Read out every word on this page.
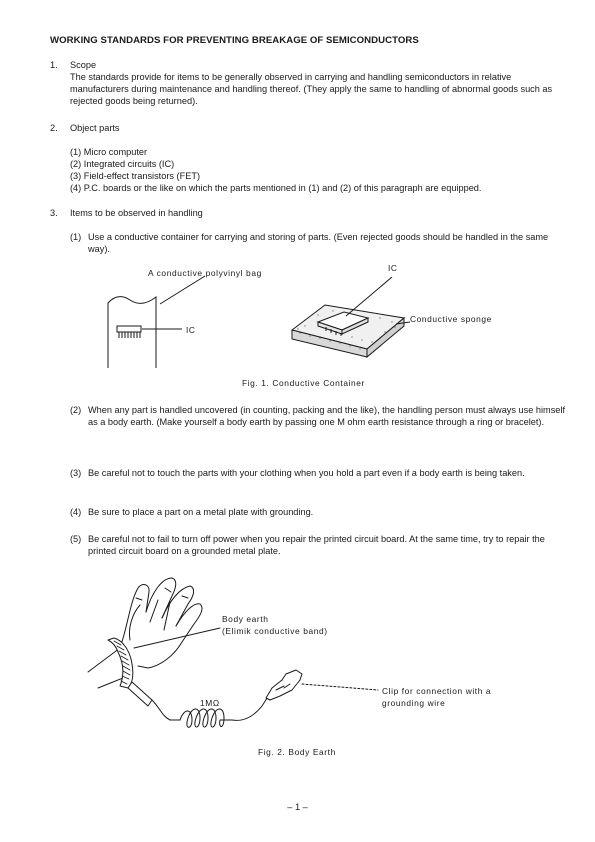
WORKING STANDARDS FOR PREVENTING BREAKAGE OF SEMICONDUCTORS
1.	Scope
The standards provide for items to be generally observed in carrying and handling semiconductors in relative manufacturers during maintenance and handling thereof. (They apply the same to handling of abnormal goods such as rejected goods being returned).
2.	Object parts
(1) Micro computer
(2) Integrated circuits (IC)
(3) Field-effect transistors (FET)
(4) P.C. boards or the like on which the parts mentioned in (1) and (2) of this paragraph are equipped.
3.	Items to be observed in handling
(1) Use a conductive container for carrying and storing of parts. (Even rejected goods should be handled in the same way).
A conductive polyvinyl bag
IC
IC
Conductive sponge
Fig. 1. Conductive Container
(2) When any part is handled uncovered (in counting, packing and the like), the handling person must always use himself as a body earth. (Make yourself a body earth by passing one M ohm earth resistance through a ring or bracelet).
(3) Be careful not to touch the parts with your clothing when you hold a part even if a body earth is being taken.
(4) Be sure to place a part on a metal plate with grounding.
(5) Be careful not to fail to turn off power when you repair the printed circuit board. At the same time, try to repair the printed circuit board on a grounded metal plate.
Body earth
(Elimik conductive band)
1MΩ
Clip for connection with a
grounding wire
Fig. 2. Body Earth
– 1 –
